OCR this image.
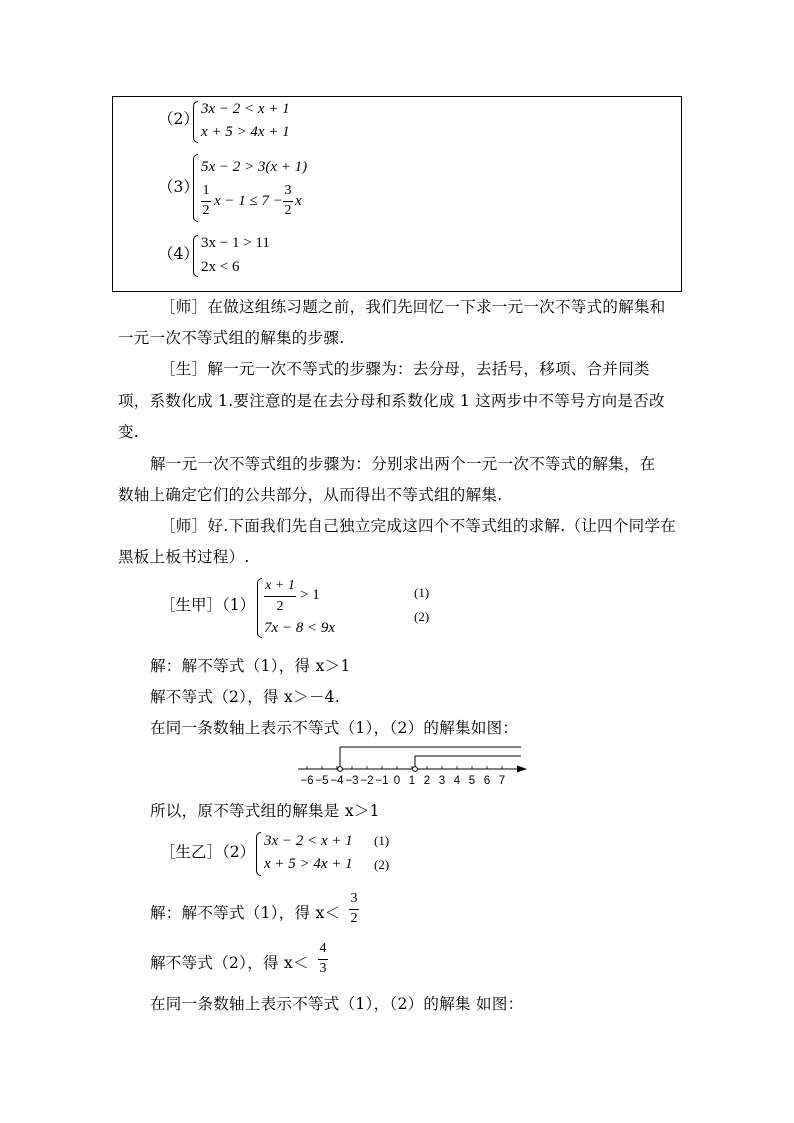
（2）
3x − 2 < x + 1
x + 5 > 4x + 1
（3）
5x − 2 > 3(x + 1)
1
2
x − 1 ≤ 7 −
3
2
x
（4）
3x − 1 > 11
2x < 6
［师］在做这组练习题之前，我们先回忆一下求一元一次不等式的解集和
一元一次不等式组的解集的步骤.
［生］解一元一次不等式的步骤为：去分母，去括号，移项、合并同类
项，系数化成 1.要注意的是在去分母和系数化成 1 这两步中不等号方向是否改
变.
解一元一次不等式组的步骤为：分别求出两个一元一次不等式的解集，在
数轴上确定它们的公共部分，从而得出不等式组的解集.
［师］好.下面我们先自己独立完成这四个不等式组的求解.（让四个同学在
黑板上板书过程）.
［生甲］（1）
x + 1
2
> 1
7x − 8 < 9x
(1)
(2)
解：解不等式（1），得 x＞1
解不等式（2），得 x＞－4.
在同一条数轴上表示不等式（1），（2）的解集如图：
−6 −5 −4 −3 −2 −1 0 1 2 3 4 5 6 7
所以，原不等式组的解集是 x＞1
［生乙］（2）
3x − 2 < x + 1
x + 5 > 4x + 1
(1)
(2)
解：解不等式（1），得 x＜
3
2
解不等式（2），得 x＜
4
3
在同一条数轴上表示不等式（1），（2）的解集 如图：
